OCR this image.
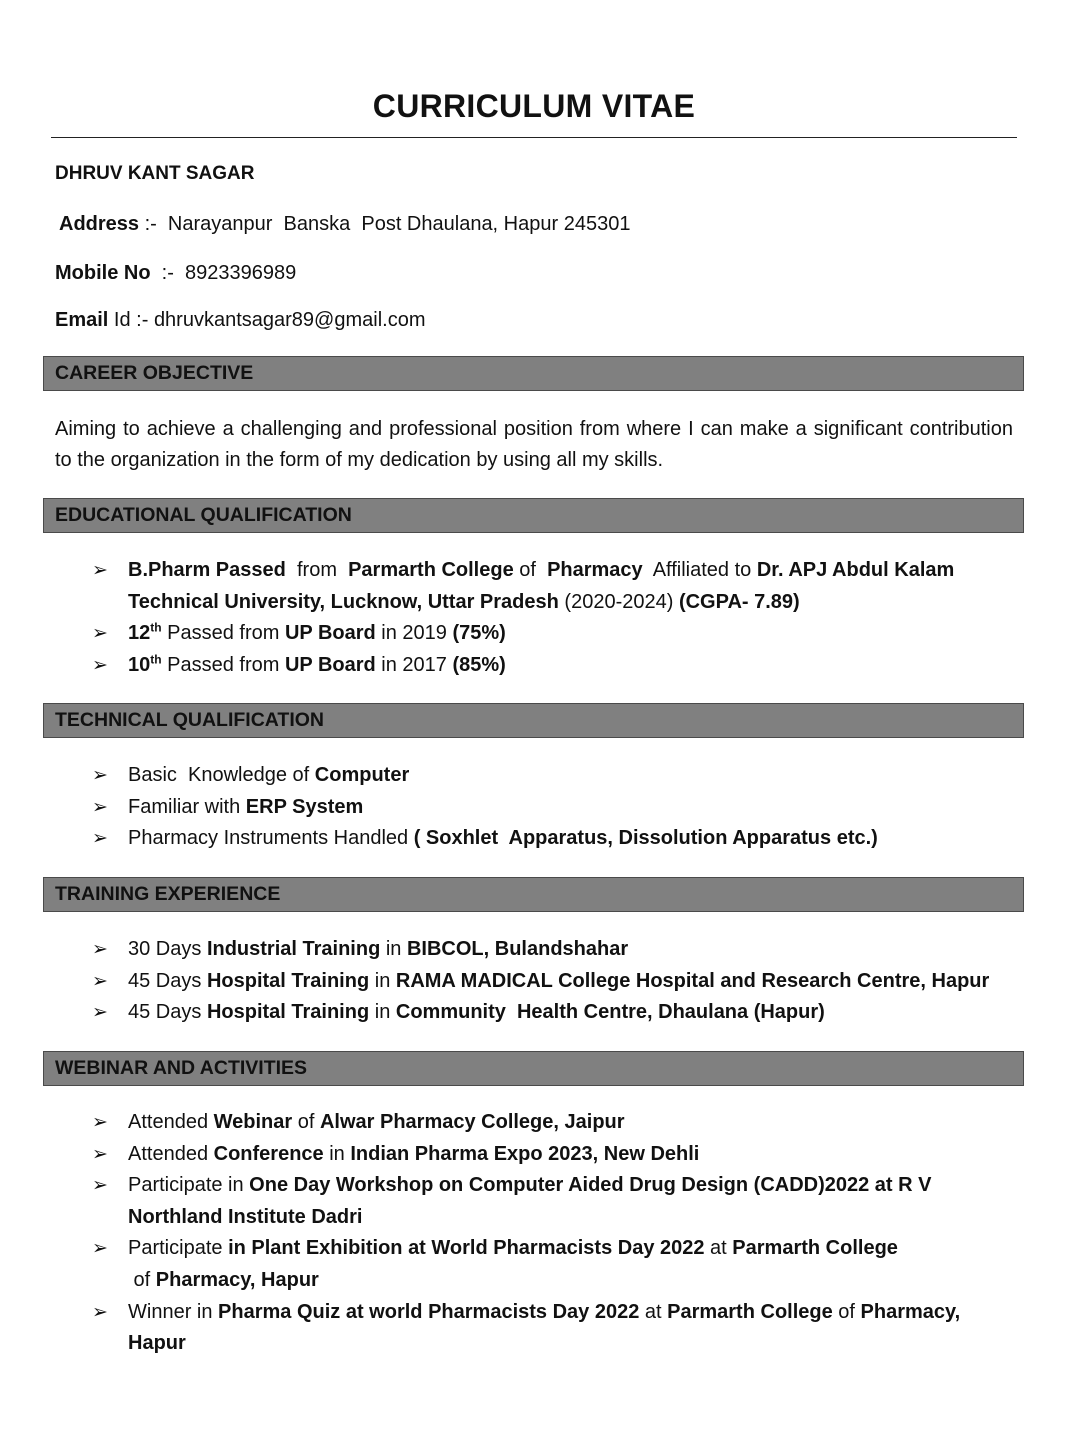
CURRICULUM VITAE
DHRUV KANT SAGAR
Address :-  Narayanpur  Banska  Post Dhaulana, Hapur 245301
Mobile No  :-  8923396989
Email Id :- dhruvkantsagar89@gmail.com
CAREER OBJECTIVE
Aiming to achieve a challenging and professional position from where I can make a significant contribution to the organization in the form of my dedication by using all my skills.
EDUCATIONAL QUALIFICATION
➢ B.Pharm Passed  from  Parmarth College of  Pharmacy  Affiliated to Dr. APJ Abdul Kalam Technical University, Lucknow, Uttar Pradesh (2020-2024) (CGPA- 7.89)
➢ 12th Passed from UP Board in 2019 (75%)
➢ 10th Passed from UP Board in 2017 (85%)
TECHNICAL QUALIFICATION
➢ Basic  Knowledge of Computer
➢ Familiar with ERP System
➢ Pharmacy Instruments Handled ( Soxhlet  Apparatus, Dissolution Apparatus etc.)
TRAINING EXPERIENCE
➢ 30 Days Industrial Training in BIBCOL, Bulandshahar
➢ 45 Days Hospital Training in RAMA MADICAL College Hospital and Research Centre, Hapur
➢ 45 Days Hospital Training in Community  Health Centre, Dhaulana (Hapur)
WEBINAR AND ACTIVITIES
➢ Attended Webinar of Alwar Pharmacy College, Jaipur
➢ Attended Conference in Indian Pharma Expo 2023, New Dehli
➢ Participate in One Day Workshop on Computer Aided Drug Design (CADD)2022 at R V Northland Institute Dadri
➢ Participate in Plant Exhibition at World Pharmacists Day 2022 at Parmarth College of Pharmacy, Hapur
➢ Winner in Pharma Quiz at world Pharmacists Day 2022 at Parmarth College of Pharmacy, Hapur
